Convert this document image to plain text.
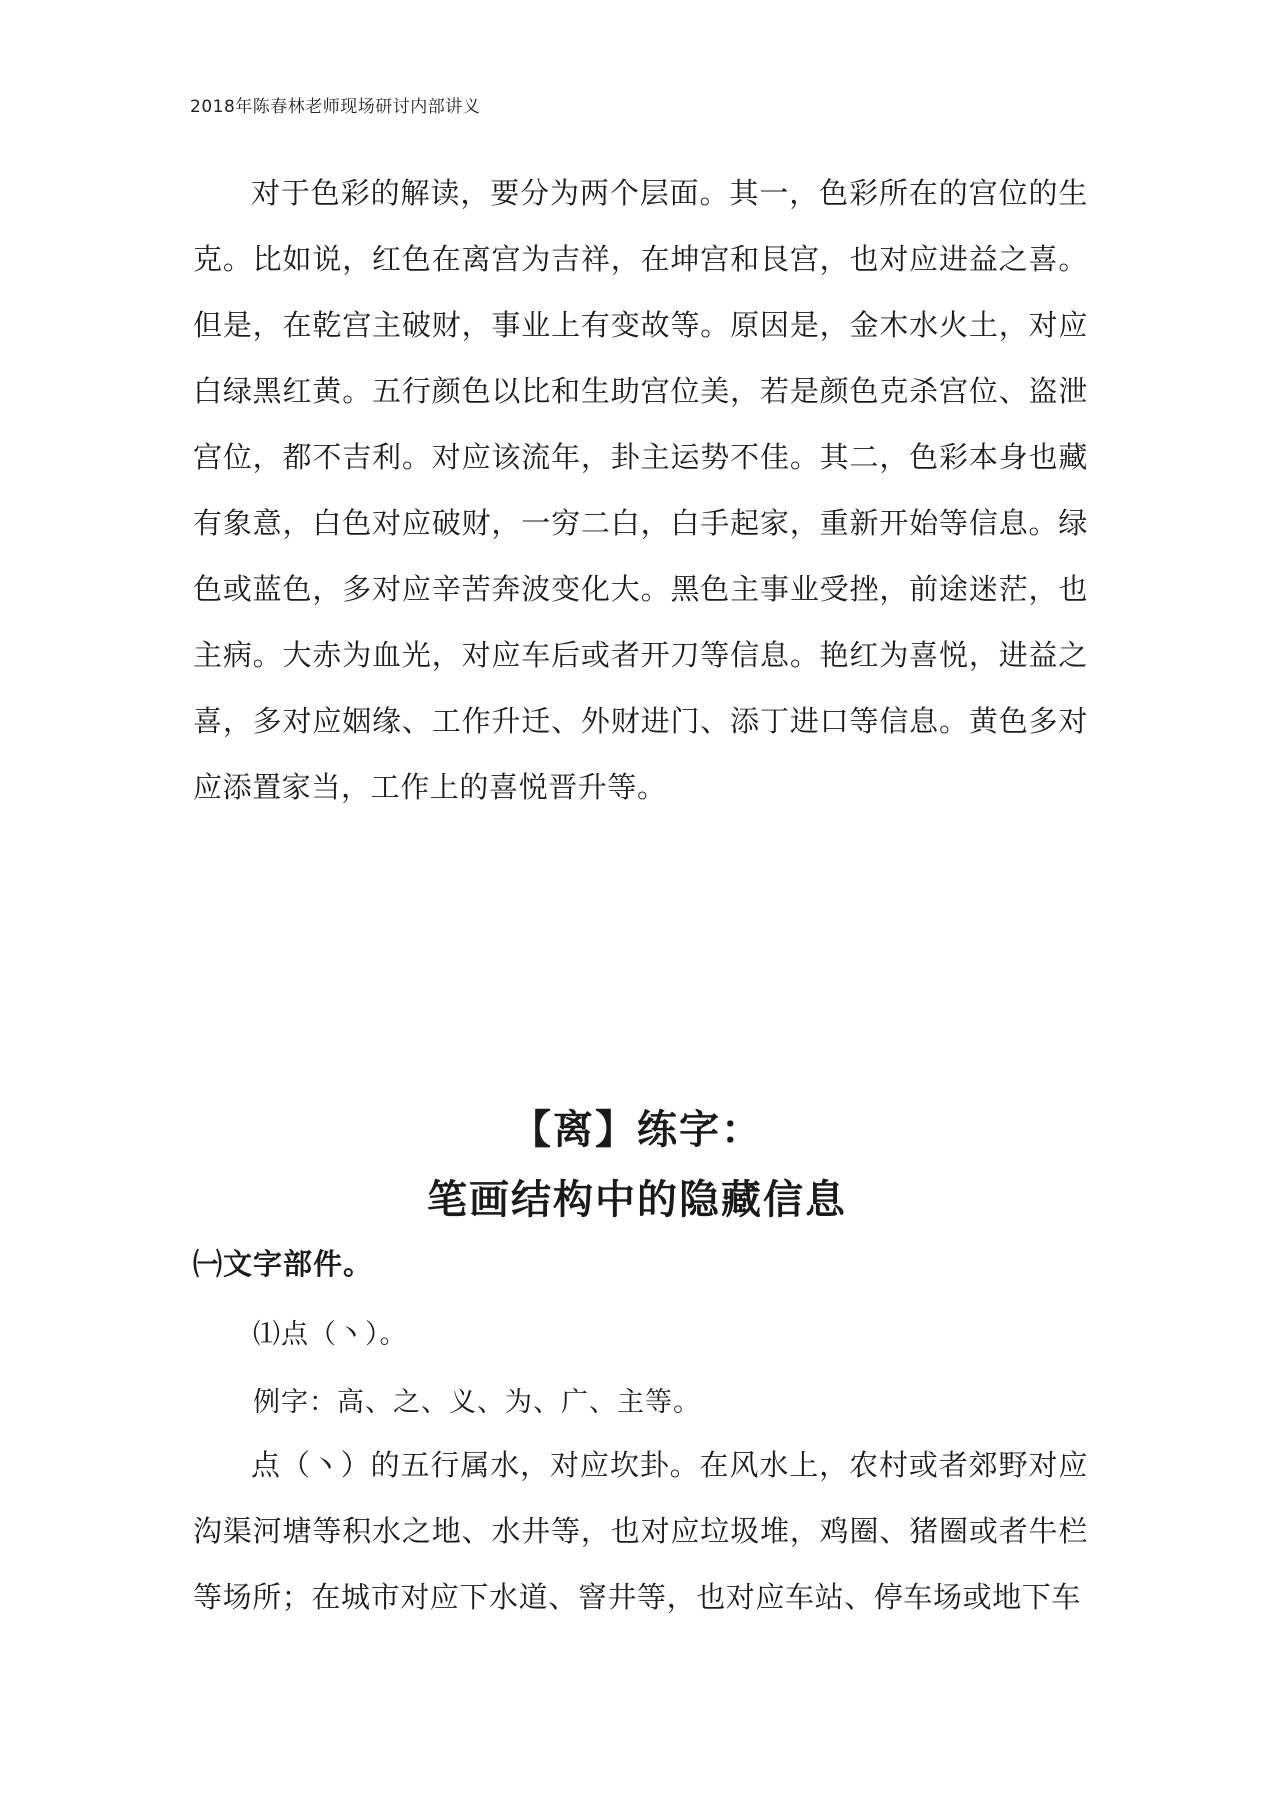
2018年陈春林老师现场研讨内部讲义

对于色彩的解读，要分为两个层面。其一，色彩所在的宫位的生克。比如说，红色在离宫为吉祥，在坤宫和艮宫，也对应进益之喜。但是，在乾宫主破财，事业上有变故等。原因是，金木水火土，对应白绿黑红黄。五行颜色以比和生助宫位美，若是颜色克杀宫位、盗泄宫位，都不吉利。对应该流年，卦主运势不佳。其二，色彩本身也藏有象意，白色对应破财，一穷二白，白手起家，重新开始等信息。绿色或蓝色，多对应辛苦奔波变化大。黑色主事业受挫，前途迷茫，也主病。大赤为血光，对应车后或者开刀等信息。艳红为喜悦，进益之喜，多对应姻缘、工作升迁、外财进门、添丁进口等信息。黄色多对应添置家当，工作上的喜悦晋升等。

【离】练字：
笔画结构中的隐藏信息
㈠文字部件。

⑴点（丶）。

例字：高、之、义、为、广、主等。

点（丶）的五行属水，对应坎卦。在风水上，农村或者郊野对应沟渠河塘等积水之地、水井等，也对应垃圾堆，鸡圈、猪圈或者牛栏等场所；在城市对应下水道、窨井等，也对应车站、停车场或地下车
